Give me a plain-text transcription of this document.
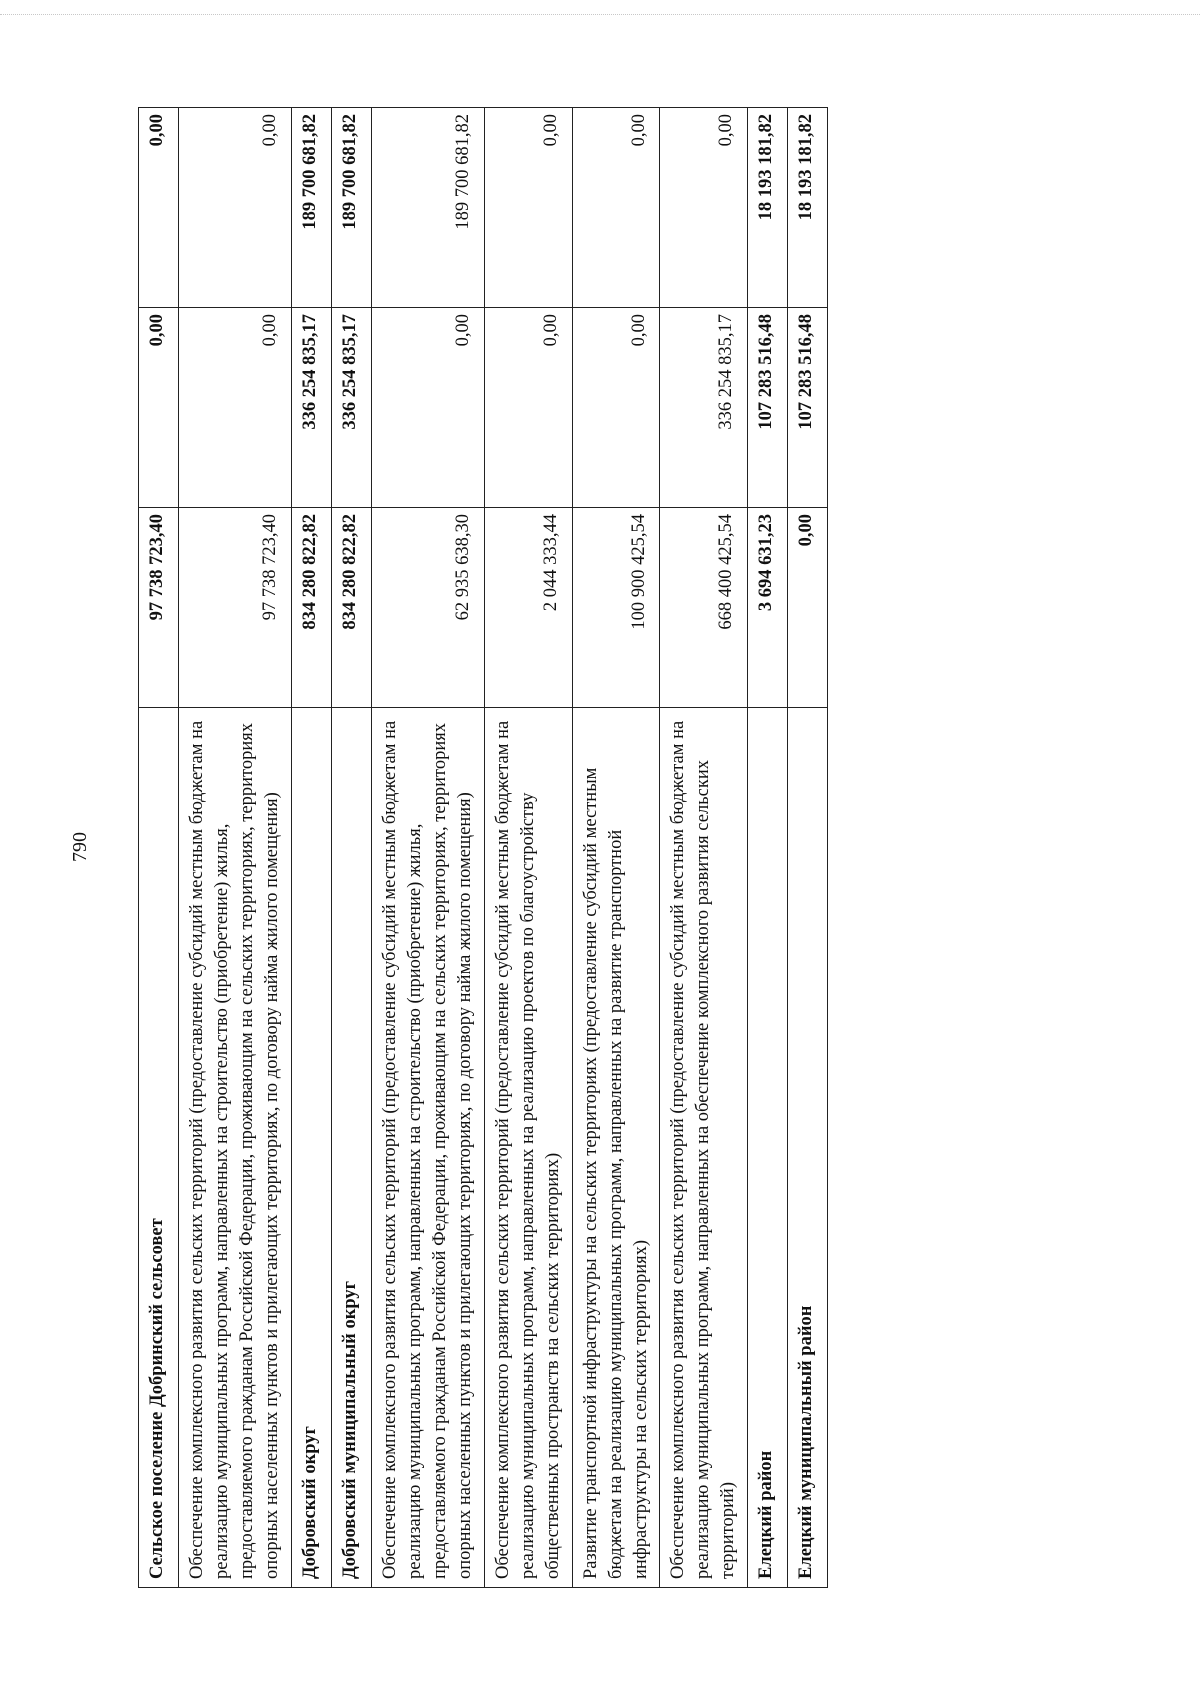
790
Сельское поселение Добринский сельсовет	97 738 723,40	0,00	0,00
Обеспечение комплексного развития сельских территорий (предоставление субсидий местным бюджетам на реализацию муниципальных программ, направленных на строительство (приобретение) жилья, предоставляемого гражданам Российской Федерации, проживающим на сельских территориях, территориях опорных населенных пунктов и прилегающих территориях, по договору найма жилого помещения)	97 738 723,40	0,00	0,00
Добровский округ	834 280 822,82	336 254 835,17	189 700 681,82
Добровский муниципальный округ	834 280 822,82	336 254 835,17	189 700 681,82
Обеспечение комплексного развития сельских территорий (предоставление субсидий местным бюджетам на реализацию муниципальных программ, направленных на строительство (приобретение) жилья, предоставляемого гражданам Российской Федерации, проживающим на сельских территориях, территориях опорных населенных пунктов и прилегающих территориях, по договору найма жилого помещения)	62 935 638,30	0,00	189 700 681,82
Обеспечение комплексного развития сельских территорий (предоставление субсидий местным бюджетам на реализацию муниципальных программ, направленных на реализацию проектов по благоустройству общественных пространств на сельских территориях)	2 044 333,44	0,00	0,00
Развитие транспортной инфраструктуры на сельских территориях (предоставление субсидий местным бюджетам на реализацию муниципальных программ, направленных на развитие транспортной инфраструктуры на сельских территориях)	100 900 425,54	0,00	0,00
Обеспечение комплексного развития сельских территорий (предоставление субсидий местным бюджетам на реализацию муниципальных программ, направленных на обеспечение комплексного развития сельских территорий)	668 400 425,54	336 254 835,17	0,00
Елецкий район	3 694 631,23	107 283 516,48	18 193 181,82
Елецкий муниципальный район	0,00	107 283 516,48	18 193 181,82
